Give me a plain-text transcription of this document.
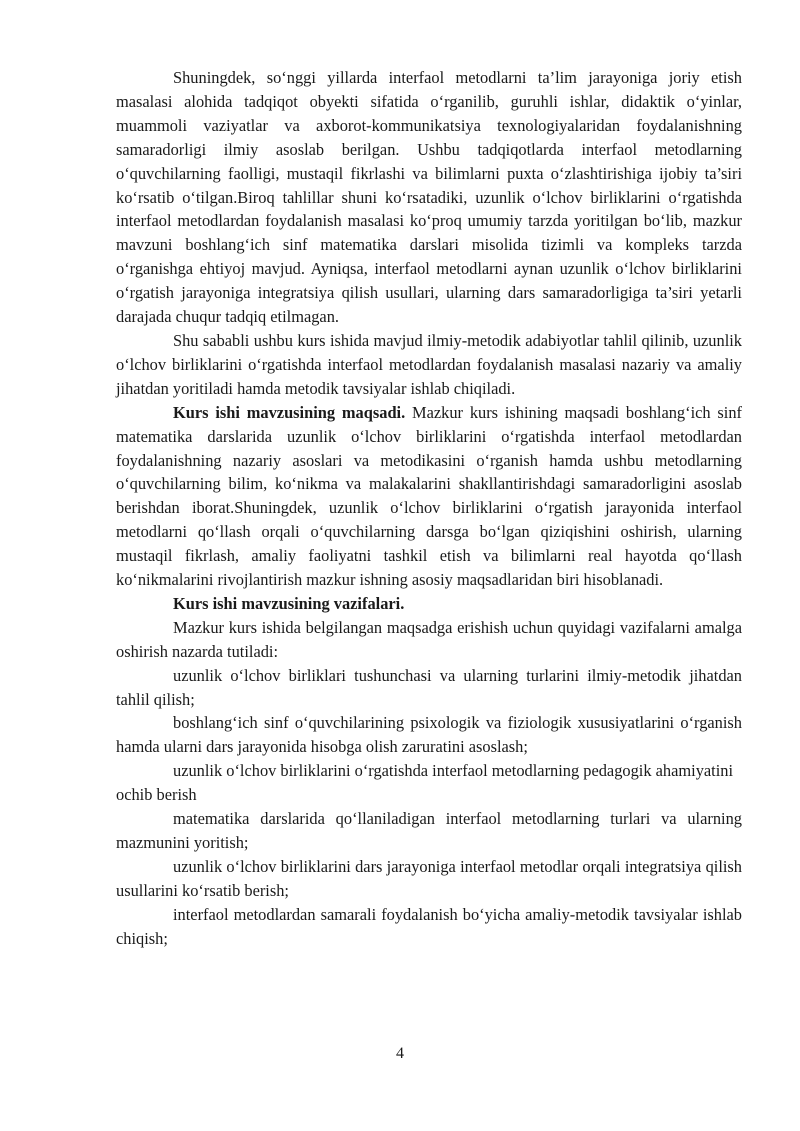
Shuningdek, so‘nggi yillarda interfaol metodlarni ta’lim jarayoniga joriy etish masalasi alohida tadqiqot obyekti sifatida o‘rganilib, guruhli ishlar, didaktik o‘yinlar, muammoli vaziyatlar va axborot-kommunikatsiya texnologiyalaridan foydalanishning samaradorligi ilmiy asoslab berilgan. Ushbu tadqiqotlarda interfaol metodlarning o‘quvchilarning faolligi, mustaqil fikrlashi va bilimlarni puxta o‘zlashtirishiga ijobiy ta’siri ko‘rsatib o‘tilgan.Biroq tahlillar shuni ko‘rsatadiki, uzunlik o‘lchov birliklarini o‘rgatishda interfaol metodlardan foydalanish masalasi ko‘proq umumiy tarzda yoritilgan bo‘lib, mazkur mavzuni boshlang‘ich sinf matematika darslari misolida tizimli va kompleks tarzda o‘rganishga ehtiyoj mavjud. Ayniqsa, interfaol metodlarni aynan uzunlik o‘lchov birliklarini o‘rgatish jarayoniga integratsiya qilish usullari, ularning dars samaradorligiga ta’siri yetarli darajada chuqur tadqiq etilmagan.

Shu sababli ushbu kurs ishida mavjud ilmiy-metodik adabiyotlar tahlil qilinib, uzunlik o‘lchov birliklarini o‘rgatishda interfaol metodlardan foydalanish masalasi nazariy va amaliy jihatdan yoritiladi hamda metodik tavsiyalar ishlab chiqiladi.

Kurs ishi mavzusining maqsadi. Mazkur kurs ishining maqsadi boshlang‘ich sinf matematika darslarida uzunlik o‘lchov birliklarini o‘rgatishda interfaol metodlardan foydalanishning nazariy asoslari va metodikasini o‘rganish hamda ushbu metodlarning o‘quvchilarning bilim, ko‘nikma va malakalarini shakllantirishdagi samaradorligini asoslab berishdan iborat.Shuningdek, uzunlik o‘lchov birliklarini o‘rgatish jarayonida interfaol metodlarni qo‘llash orqali o‘quvchilarning darsga bo‘lgan qiziqishini oshirish, ularning mustaqil fikrlash, amaliy faoliyatni tashkil etish va bilimlarni real hayotda qo‘llash ko‘nikmalarini rivojlantirish mazkur ishning asosiy maqsadlaridan biri hisoblanadi.

Kurs ishi mavzusining vazifalari.

Mazkur kurs ishida belgilangan maqsadga erishish uchun quyidagi vazifalarni amalga oshirish nazarda tutiladi:

uzunlik o‘lchov birliklari tushunchasi va ularning turlarini ilmiy-metodik jihatdan tahlil qilish;

boshlang‘ich sinf o‘quvchilarining psixologik va fiziologik xususiyatlarini o‘rganish hamda ularni dars jarayonida hisobga olish zaruratini asoslash;

uzunlik o‘lchov birliklarini o‘rgatishda interfaol metodlarning pedagogik ahamiyatini ochib berish

matematika darslarida qo‘llaniladigan interfaol metodlarning turlari va ularning mazmunini yoritish;

uzunlik o‘lchov birliklarini dars jarayoniga interfaol metodlar orqali integratsiya qilish usullarini ko‘rsatib berish;

interfaol metodlardan samarali foydalanish bo‘yicha amaliy-metodik tavsiyalar ishlab chiqish;

4
